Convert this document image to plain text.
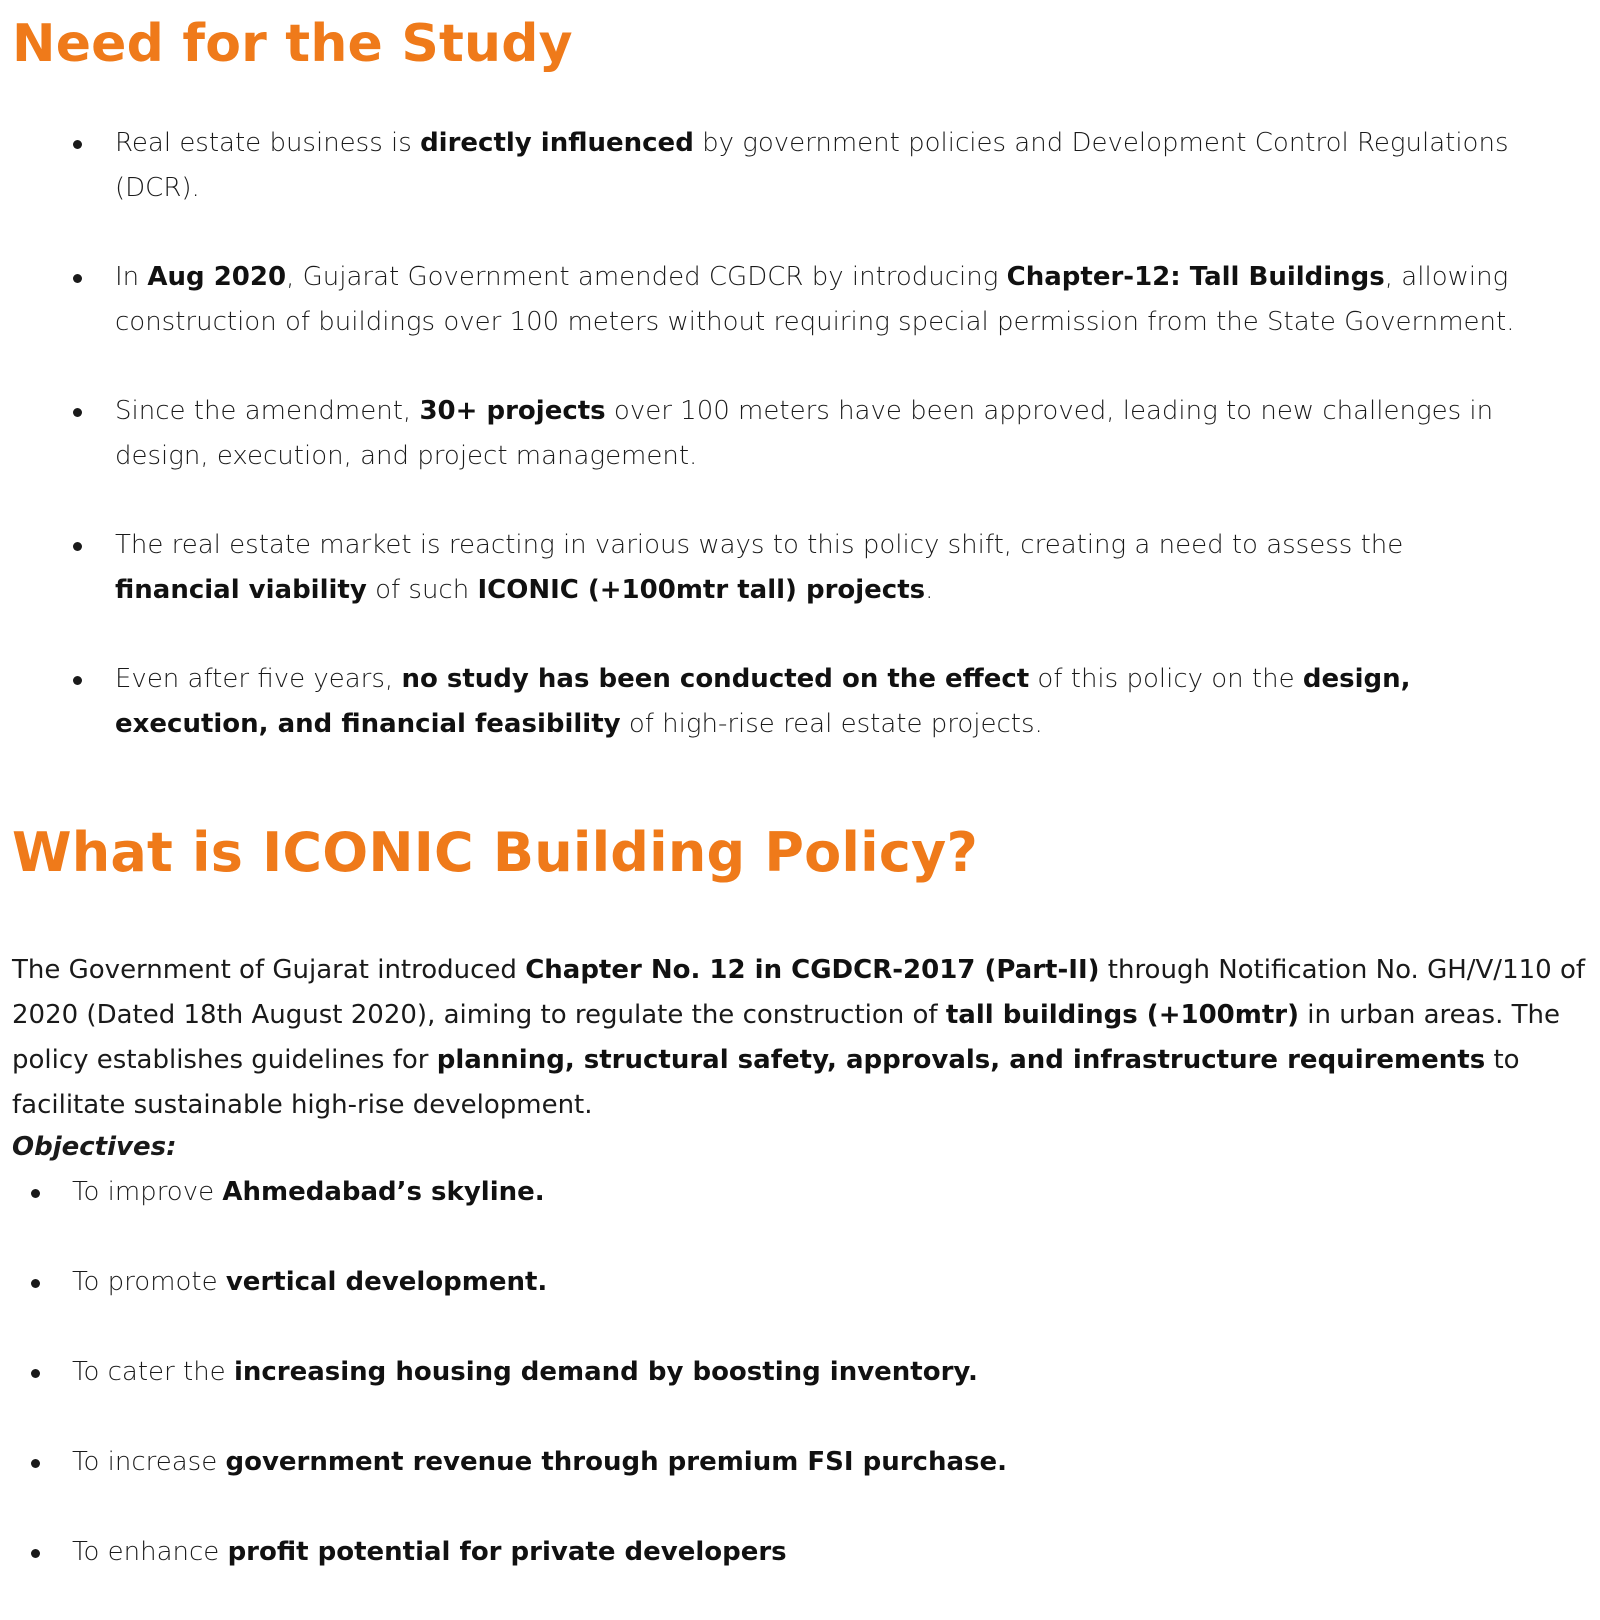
Need for the Study
Real estate business is directly influenced by government policies and Development Control Regulations (DCR).
In Aug 2020, Gujarat Government amended CGDCR by introducing Chapter-12: Tall Buildings, allowing construction of buildings over 100 meters without requiring special permission from the State Government.
Since the amendment, 30+ projects over 100 meters have been approved, leading to new challenges in design, execution, and project management.
The real estate market is reacting in various ways to this policy shift, creating a need to assess the financial viability of such ICONIC (+100mtr tall) projects.
Even after five years, no study has been conducted on the effect of this policy on the design, execution, and financial feasibility of high-rise real estate projects.
What is ICONIC Building Policy?

The Government of Gujarat introduced Chapter No. 12 in CGDCR-2017 (Part-II) through Notification No. GH/V/110 of 2020 (Dated 18th August 2020), aiming to regulate the construction of tall buildings (+100mtr) in urban areas. The policy establishes guidelines for planning, structural safety, approvals, and infrastructure requirements to facilitate sustainable high-rise development.

Objectives:

To improve Ahmedabad’s skyline.
To promote vertical development.
To cater the increasing housing demand by boosting inventory.
To increase government revenue through premium FSI purchase.
To enhance profit potential for private developers
